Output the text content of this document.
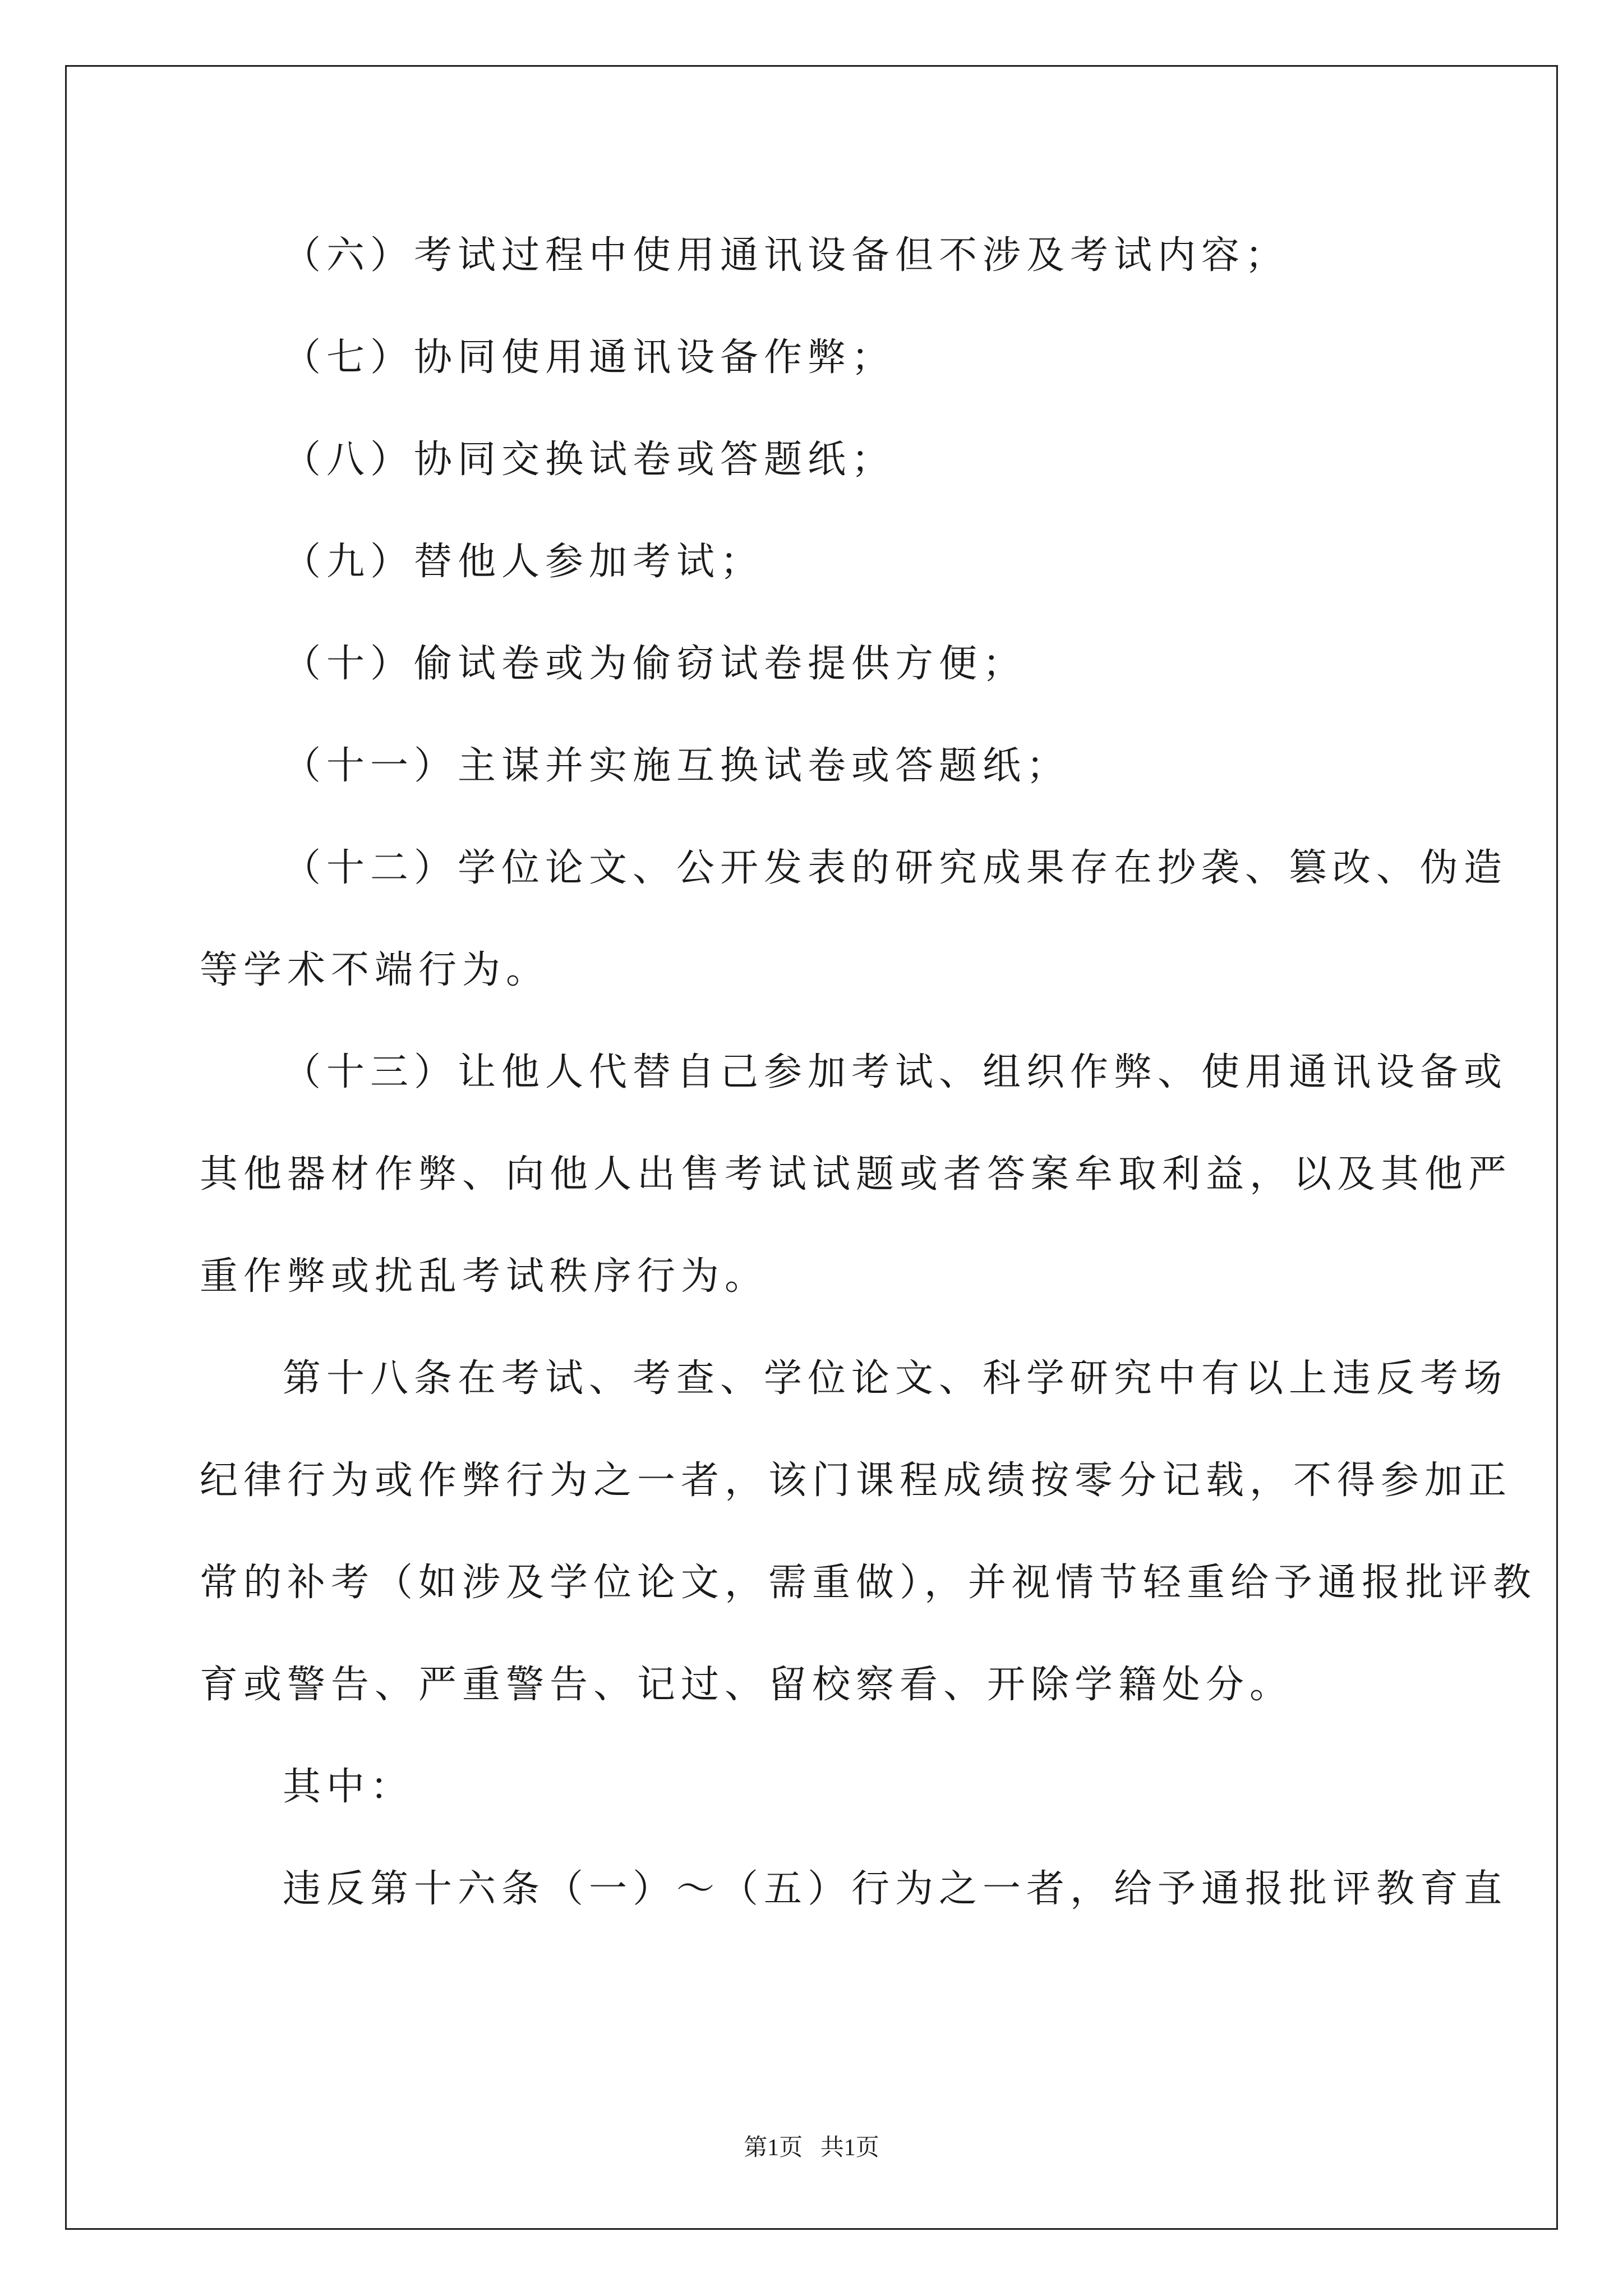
（六）考试过程中使用通讯设备但不涉及考试内容；
（七）协同使用通讯设备作弊；
（八）协同交换试卷或答题纸；
（九）替他人参加考试；
（十）偷试卷或为偷窃试卷提供方便；
（十一）主谋并实施互换试卷或答题纸；
（十二）学位论文、公开发表的研究成果存在抄袭、篡改、伪造
等学术不端行为。
（十三）让他人代替自己参加考试、组织作弊、使用通讯设备或
其他器材作弊、向他人出售考试试题或者答案牟取利益，以及其他严
重作弊或扰乱考试秩序行为。
第十八条在考试、考查、学位论文、科学研究中有以上违反考场
纪律行为或作弊行为之一者，该门课程成绩按零分记载，不得参加正
常的补考（如涉及学位论文，需重做），并视情节轻重给予通报批评教
育或警告、严重警告、记过、留校察看、开除学籍处分。
其中：
违反第十六条（一）～（五）行为之一者，给予通报批评教育直
第1页   共1页
